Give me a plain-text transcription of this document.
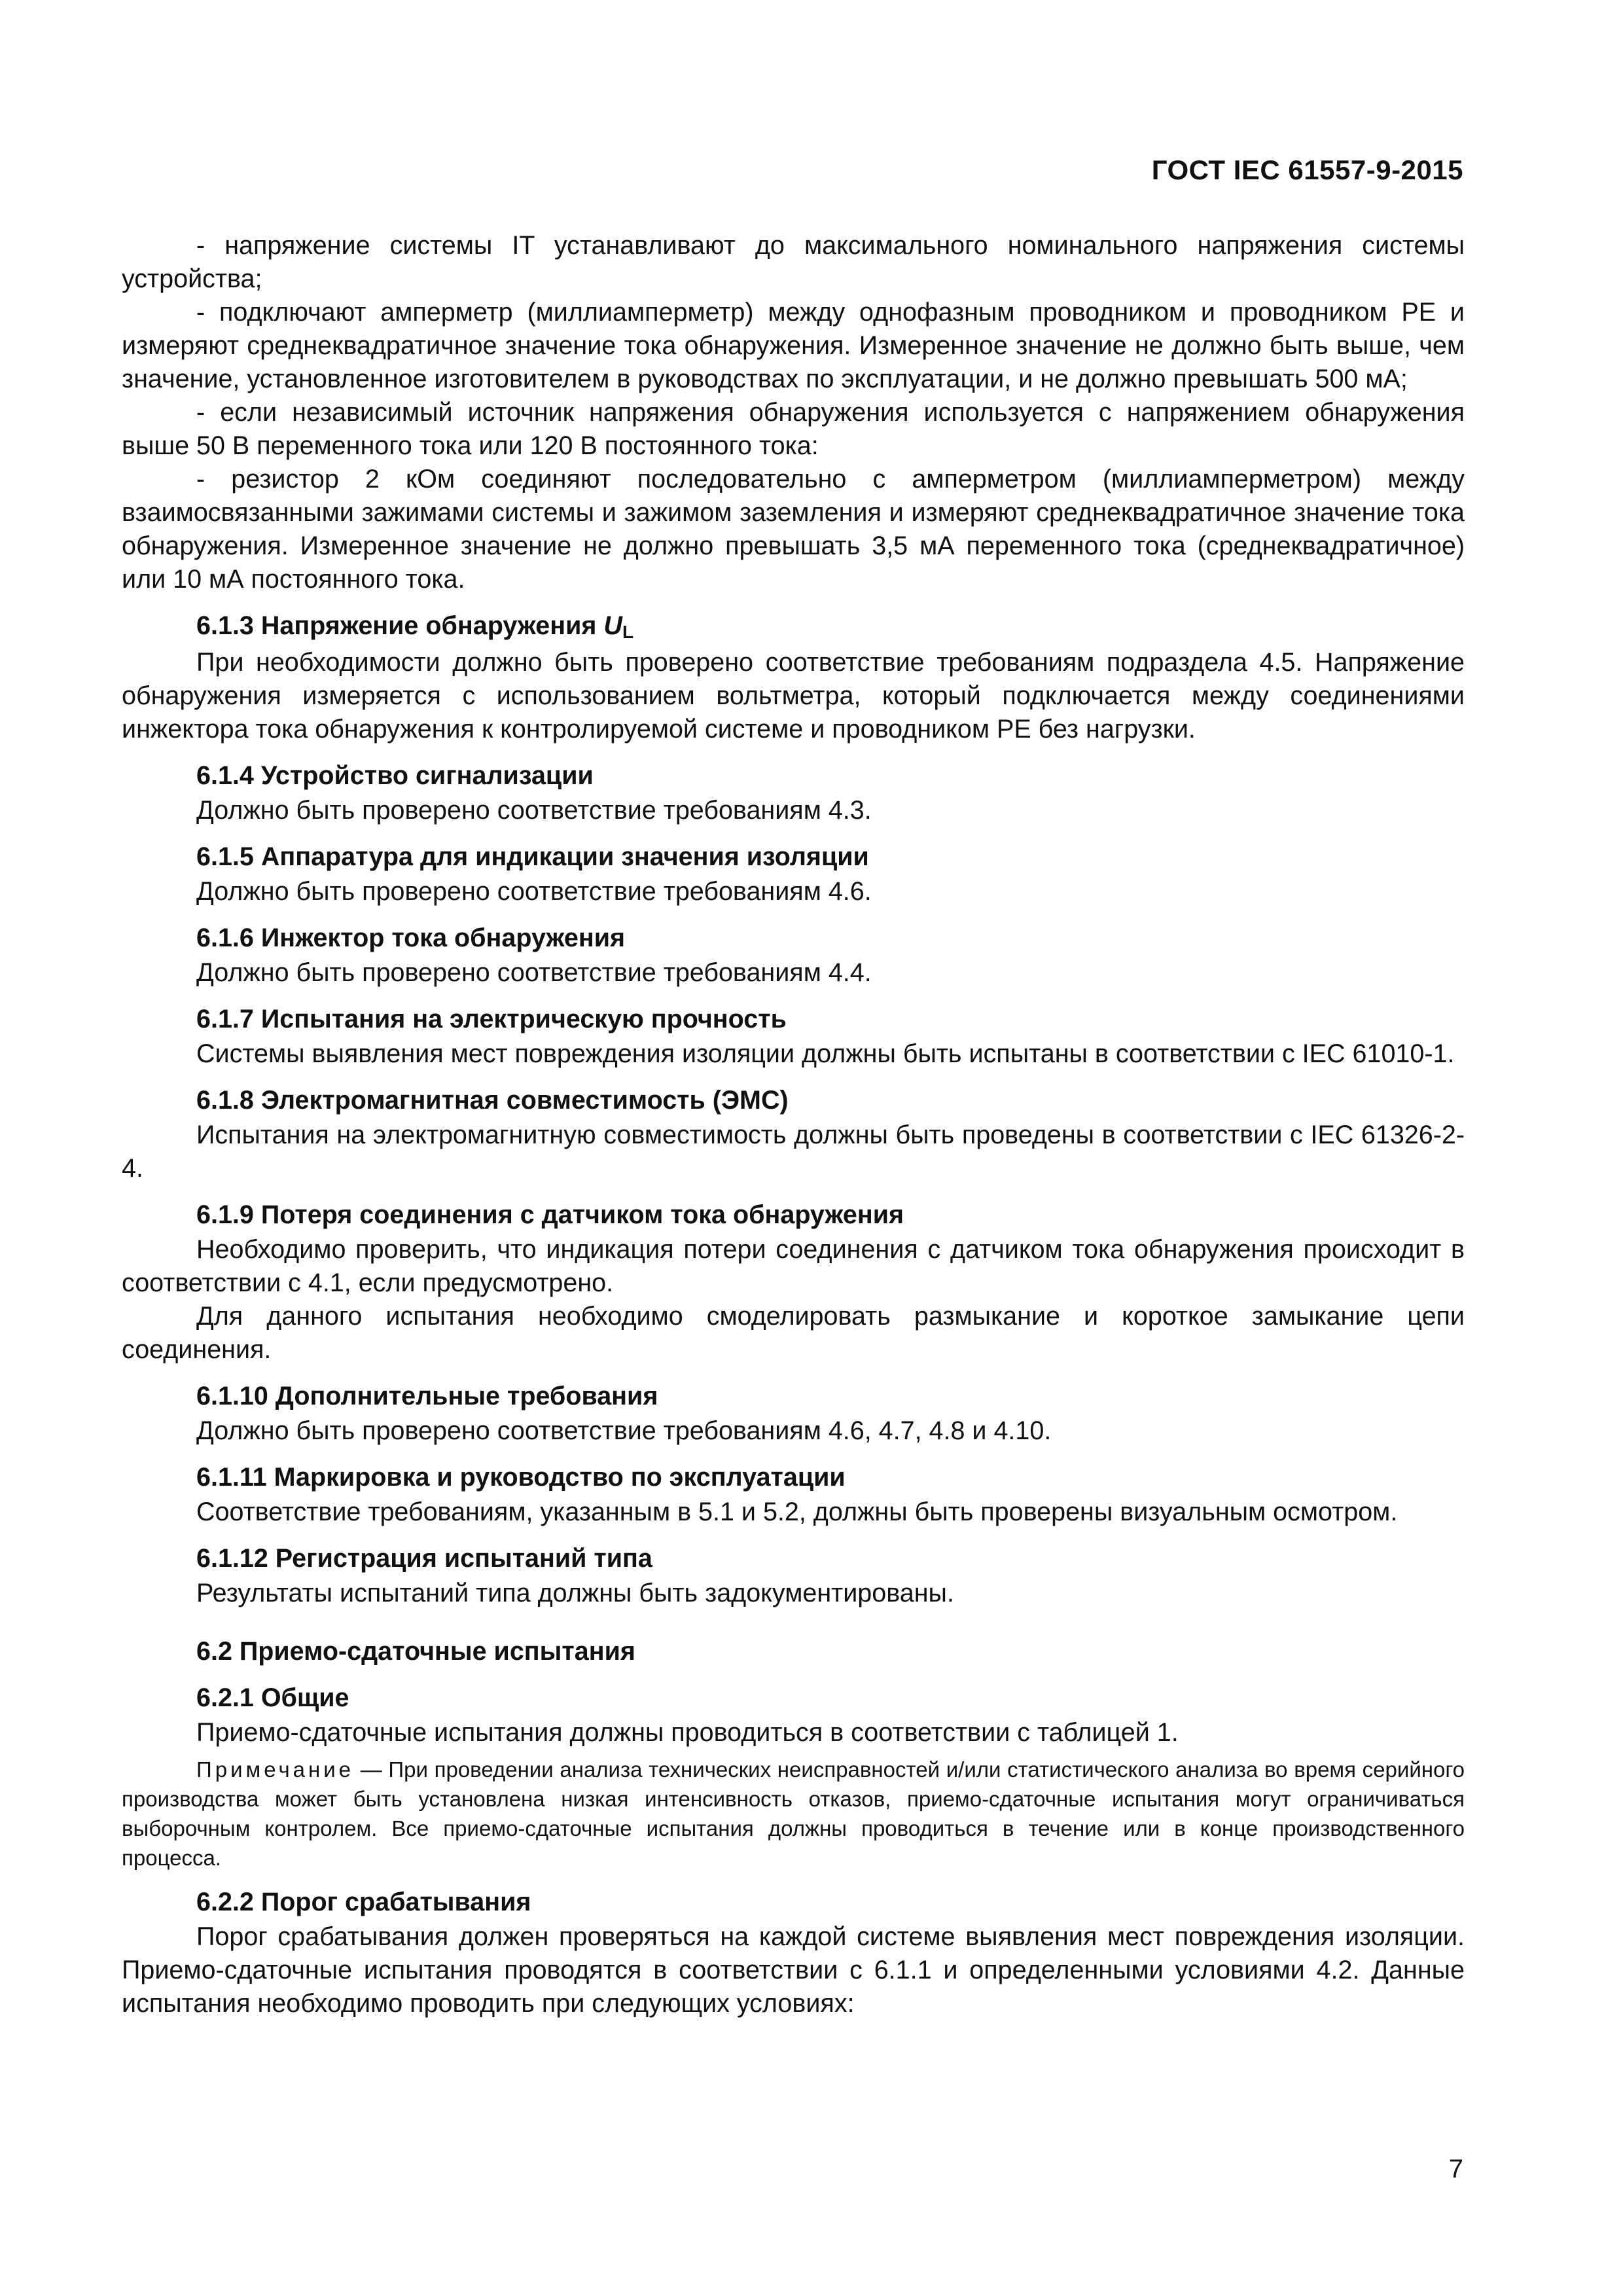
ГОСТ IEC 61557-9-2015

- напряжение системы IT устанавливают до максимального номинального напряжения системы устройства;

- подключают амперметр (миллиамперметр) между однофазным проводником и проводником PE и измеряют среднеквадратичное значение тока обнаружения. Измеренное значение не должно быть выше, чем значение, установленное изготовителем в руководствах по эксплуатации, и не должно превышать 500 мА;

- если независимый источник напряжения обнаружения используется с напряжением обнаружения выше 50 В переменного тока или 120 В постоянного тока:

- резистор 2 кОм соединяют последовательно с амперметром (миллиамперметром) между взаимосвязанными зажимами системы и зажимом заземления и измеряют среднеквадратичное значение тока обнаружения. Измеренное значение не должно превышать 3,5 мА переменного тока (среднеквадратичное) или 10 мА постоянного тока.

6.1.3 Напряжение обнаружения UL

При необходимости должно быть проверено соответствие требованиям подраздела 4.5. Напряжение обнаружения измеряется с использованием вольтметра, который подключается между соединениями инжектора тока обнаружения к контролируемой системе и проводником PE без нагрузки.

6.1.4 Устройство сигнализации

Должно быть проверено соответствие требованиям 4.3.

6.1.5 Аппаратура для индикации значения изоляции

Должно быть проверено соответствие требованиям 4.6.

6.1.6 Инжектор тока обнаружения

Должно быть проверено соответствие требованиям 4.4.

6.1.7 Испытания на электрическую прочность

Системы выявления мест повреждения изоляции должны быть испытаны в соответствии с IEC 61010-1.

6.1.8 Электромагнитная совместимость (ЭМС)

Испытания на электромагнитную совместимость должны быть проведены в соответствии с IEC 61326-2-4.

6.1.9 Потеря соединения с датчиком тока обнаружения

Необходимо проверить, что индикация потери соединения с датчиком тока обнаружения происходит в соответствии с 4.1, если предусмотрено.

Для данного испытания необходимо смоделировать размыкание и короткое замыкание цепи соединения.

6.1.10 Дополнительные требования

Должно быть проверено соответствие требованиям 4.6, 4.7, 4.8 и 4.10.

6.1.11 Маркировка и руководство по эксплуатации

Соответствие требованиям, указанным в 5.1 и 5.2, должны быть проверены визуальным осмотром.

6.1.12 Регистрация испытаний типа

Результаты испытаний типа должны быть задокументированы.

6.2 Приемо-сдаточные испытания
6.2.1 Общие

Приемо-сдаточные испытания должны проводиться в соответствии с таблицей 1.

Примечание — При проведении анализа технических неисправностей и/или статистического анализа во время серийного производства может быть установлена низкая интенсивность отказов, приемо-сдаточные испытания могут ограничиваться выборочным контролем. Все приемо-сдаточные испытания должны проводиться в течение или в конце производственного процесса.
6.2.2 Порог срабатывания

Порог срабатывания должен проверяться на каждой системе выявления мест повреждения изоляции. Приемо-сдаточные испытания проводятся в соответствии с 6.1.1 и определенными условиями 4.2. Данные испытания необходимо проводить при следующих условиях:

7
